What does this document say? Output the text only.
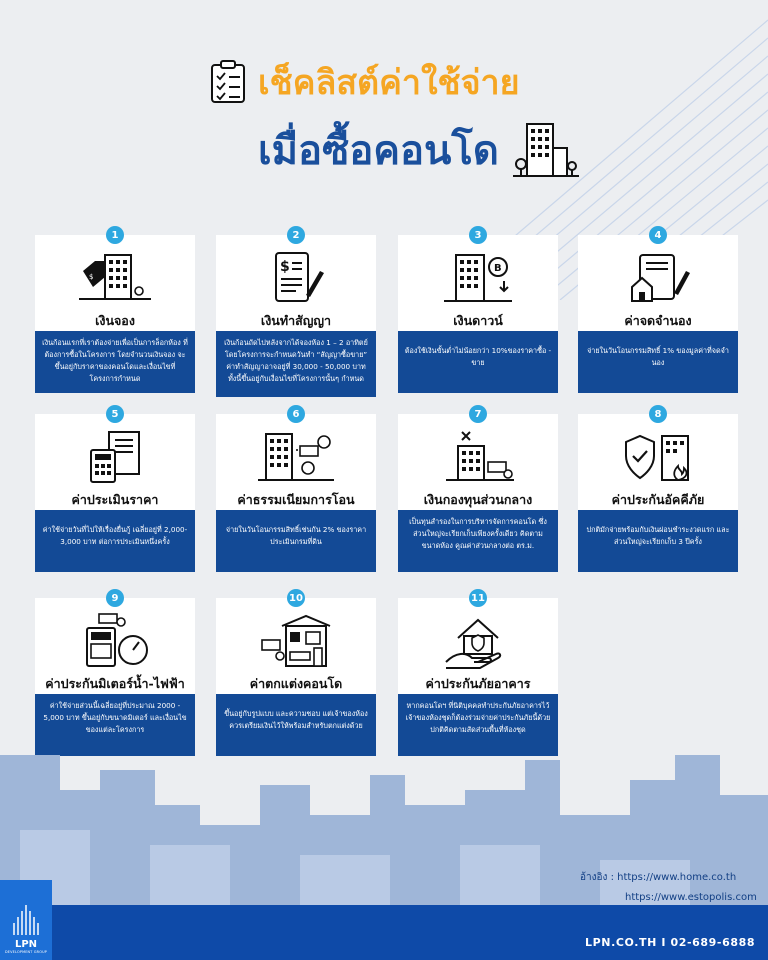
เช็คลิสต์ค่าใช้จ่าย
เมื่อซื้อคอนโด
1
$
เงินจอง
เงินก้อนแรกที่เราต้องจ่ายเพื่อเป็นการล็อกห้อง ที่ต้องการซื้อในโครงการ โดยจำนวนเงินจอง จะขึ้นอยู่กับราคาของคอนโดและเงื่อนไขที่โครงการกำหนด
2
$
เงินทำสัญญา
เงินก้อนถัดไปหลังจากได้จองห้อง 1 – 2 อาทิตย์ โดยโครงการจะกำหนดวันทำ “สัญญาซื้อขาย” ค่าทำสัญญาอาจอยู่ที่ 30,000 - 50,000 บาท ทั้งนี้ขึ้นอยู่กับเงื่อนไขที่โครงการนั้นๆ กำหนด
3
B
เงินดาวน์
ต้องใช้เงินขั้นต่ำไม่น้อยกว่า 10%ของราคาซื้อ - ขาย
4
ค่าจดจำนอง
จ่ายในวันโอนกรรมสิทธิ์ 1% ของมูลค่าที่จดจำนอง
5
ค่าประเมินราคา
ค่าใช้จ่ายวันที่ไปให้เรื่องยื่นกู้ เฉลี่ยอยู่ที่ 2,000-3,000 บาท ต่อการประเมินหนึ่งครั้ง
6
ค่าธรรมเนียมการโอน
จ่ายในวันโอนกรรมสิทธิ์เช่นกัน 2% ของราคาประเมินกรมที่ดิน
7
เงินกองทุนส่วนกลาง
เป็นทุนสำรองในการบริหารจัดการคอนโด ซึ่งส่วนใหญ่จะเรียกเก็บเพียงครั้งเดียว คิดตามขนาดห้อง คูณค่าส่วนกลางต่อ ตร.ม.
8
ค่าประกันอัคคีภัย
ปกติมักจ่ายพร้อมกับเงินผ่อนชำระงวดแรก และส่วนใหญ่จะเรียกเก็บ 3 ปีครั้ง
9
ค่าประกันมิเตอร์น้ำ-ไฟฟ้า
ค่าใช้จ่ายส่วนนี้เฉลี่ยอยู่ที่ประมาณ 2000 - 5,000 บาท ขึ้นอยู่กับขนาดมิเตอร์ และเงื่อนไขของแต่ละโครงการ
10
ค่าตกแต่งคอนโด
ขึ้นอยู่กับรูปแบบ และความชอบ แต่เจ้าของห้องควรเตรียมเงินไว้ให้พร้อมสำหรับตกแต่งด้วย
11
ค่าประกันภัยอาคาร
หากคอนโดฯ ที่นิติบุคคลทำประกันภัยอาคารไว้ เจ้าของห้องชุดก็ต้องร่วมจ่ายค่าประกันภัยนี้ด้วย ปกติคิดตามสัดส่วนพื้นที่ห้องชุด
อ้างอิง : https://www.home.co.th
https://www.estopolis.com
LPN
DEVELOPMENT GROUP
LPN.CO.TH I 02-689-6888
